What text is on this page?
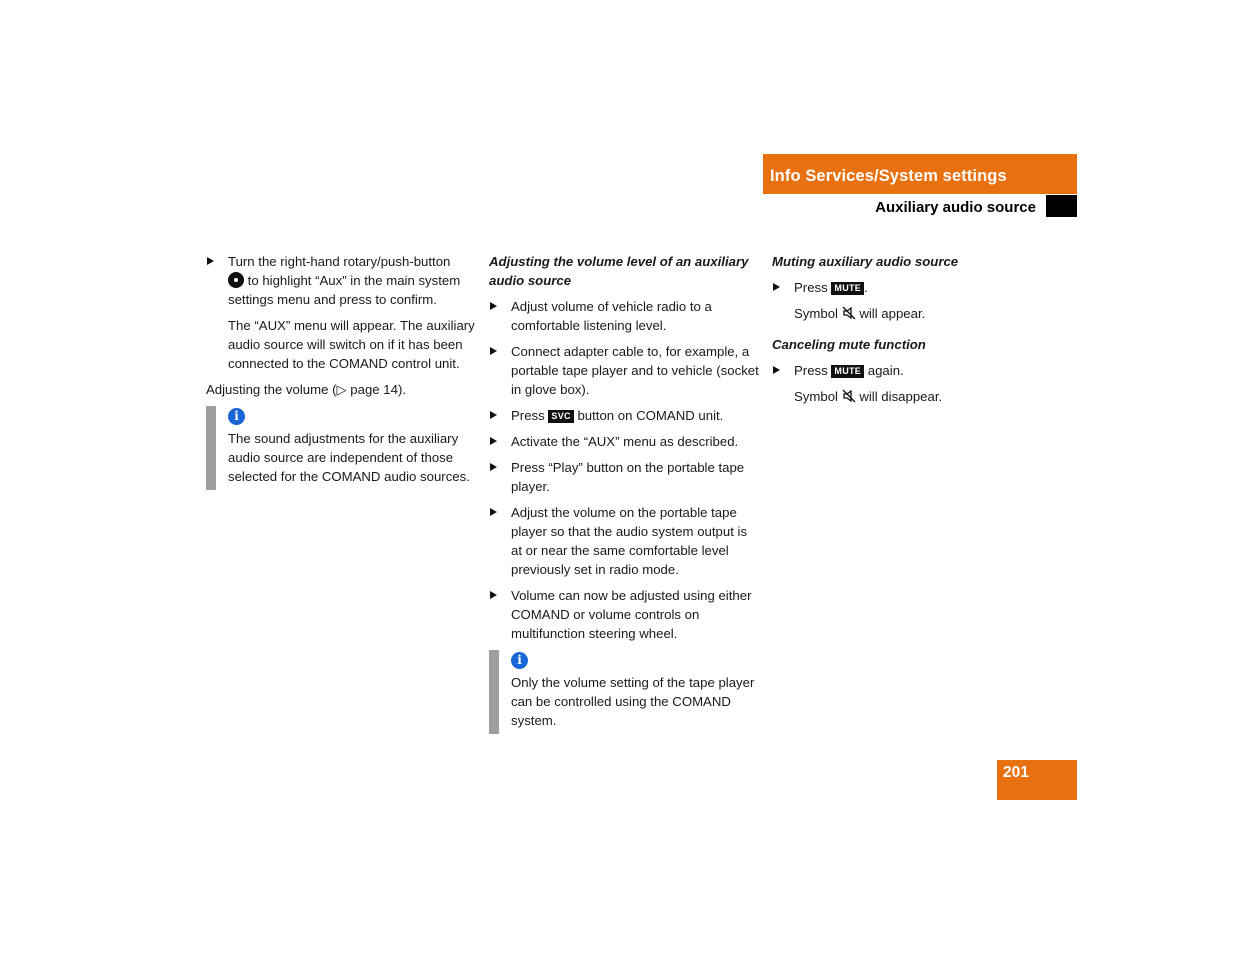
Info Services/System settings
Auxiliary audio source
Turn the right-hand rotary/push-button
to highlight “Aux” in the main system settings menu and press to confirm.
The “AUX” menu will appear. The auxiliary audio source will switch on if it has been connected to the COMAND control unit.
Adjusting the volume (▷ page 14).
i
The sound adjustments for the auxiliary audio source are independent of those selected for the COMAND audio sources.
Adjusting the volume level of an auxiliary audio source
Adjust volume of vehicle radio to a comfortable listening level.
Connect adapter cable to, for example, a portable tape player and to vehicle (socket in glove box).
Press SVC button on COMAND unit.
Activate the “AUX” menu as described.
Press “Play” button on the portable tape player.
Adjust the volume on the portable tape player so that the audio system output is at or near the same comfortable level previously set in radio mode.
Volume can now be adjusted using either COMAND or volume controls on multifunction steering wheel.
i
Only the volume setting of the tape player can be controlled using the COMAND system.
Muting auxiliary audio source
Press MUTE .
Symbol will appear.
Canceling mute function
Press MUTE again.
Symbol will disappear.
201
